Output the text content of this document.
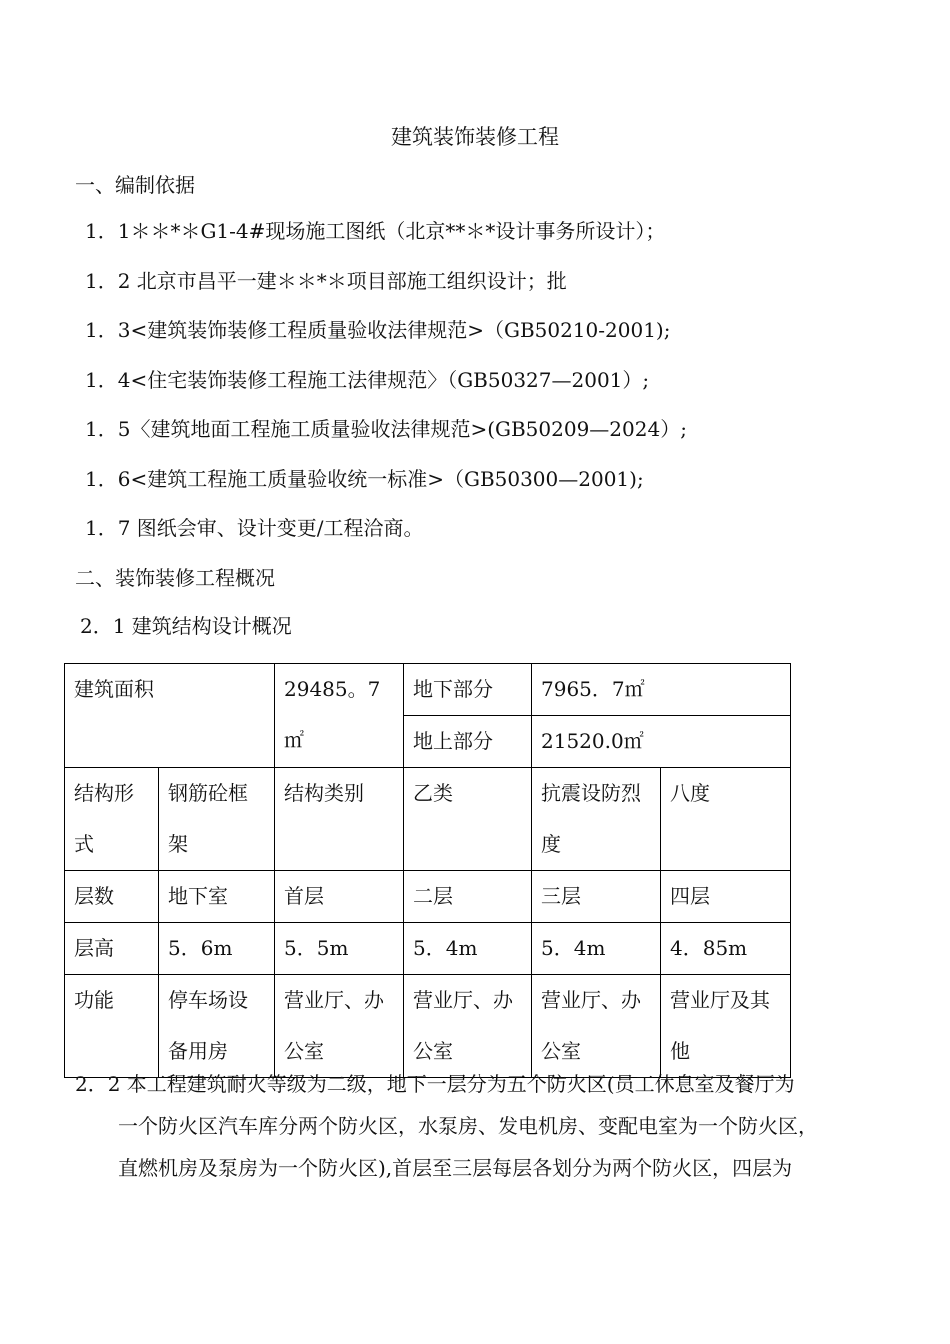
建筑装饰装修工程
一、编制依据
1．1＊＊*＊G1-4#现场施工图纸（北京**＊*设计事务所设计）；
1．2 北京市昌平一建＊＊*＊项目部施工组织设计；批
1．3<建筑装饰装修工程质量验收法律规范>（GB50210-2001);
1．4<住宅装饰装修工程施工法律规范〉（GB50327—2001）;
1．5〈建筑地面工程施工质量验收法律规范>(GB50209—2024）;
1．6<建筑工程施工质量验收统一标准>（GB50300—2001);
1．7 图纸会审、设计变更/工程洽商。
二、装饰装修工程概况
2．1 建筑结构设计概况
建筑面积		29485。7㎡	地下部分	7965．7㎡	
			地上部分	21520.0㎡	
结构形式	钢筋砼框架	结构类别	乙类	抗震设防烈度	八度
层数	地下室	首层	二层	三层	四层
层高	5．6m	5．5m	5．4m	5．4m	4．85m
功能	停车场设备用房	营业厅、办公室	营业厅、办公室	营业厅、办公室	营业厅及其他
2．2 本工程建筑耐火等级为二级，地下一层分为五个防火区(员工休息室及餐厅为
一个防火区汽车库分两个防火区，水泵房、发电机房、变配电室为一个防火区，
直燃机房及泵房为一个防火区),首层至三层每层各划分为两个防火区，四层为
